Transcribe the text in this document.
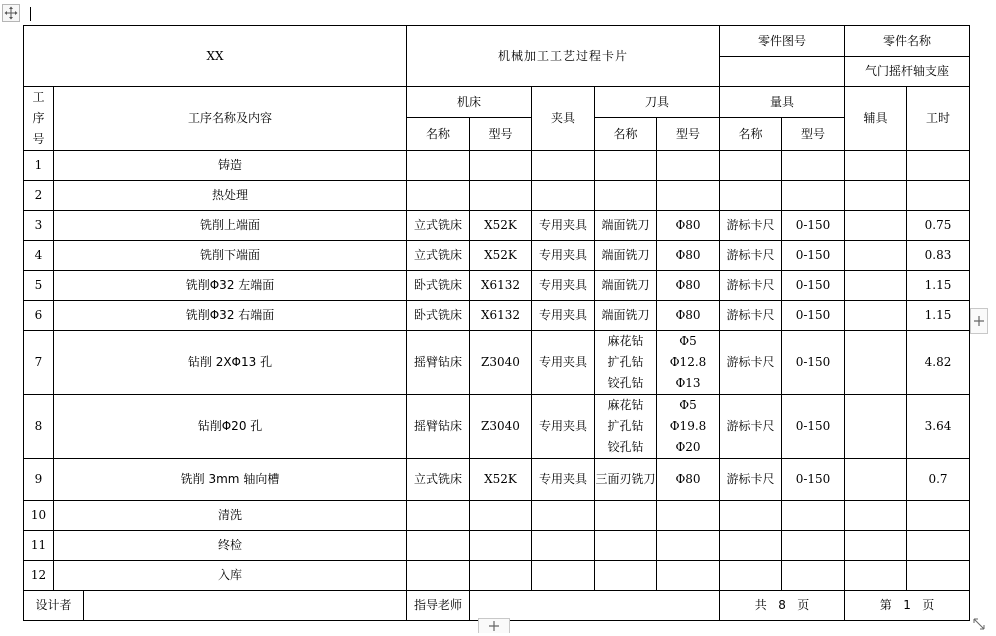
XX			机械加工工艺过程卡片					零件图号		零件名称	
										气门摇杆轴支座	

工
序
号	工序名称及内容		机床		夹具	刀具		量具		辅具	工时
			名称	型号		名称	型号	名称	型号		
1	铸造										
2	热处理										
3	铣削上端面		立式铣床	X52K	专用夹具	端面铣刀	Φ80	游标卡尺	0-150		0.75
4	铣削下端面		立式铣床	X52K	专用夹具	端面铣刀	Φ80	游标卡尺	0-150		0.83
5	铣削Φ32 左端面		卧式铣床	X6132	专用夹具	端面铣刀	Φ80	游标卡尺	0-150		1.15
6	铣削Φ32 右端面		卧式铣床	X6132	专用夹具	端面铣刀	Φ80	游标卡尺	0-150		1.15
7	钻削 2XΦ13 孔		摇臂钻床	Z3040	专用夹具	麻花钻
扩孔钻
铰孔钻	Φ5
Φ12.8
Φ13	游标卡尺	0-150		4.82
8	钻削Φ20 孔		摇臂钻床	Z3040	专用夹具	麻花钻
扩孔钻
铰孔钻	Φ5
Φ19.8
Φ20	游标卡尺	0-150		3.64
9	铣削 3mm 轴向槽		立式铣床	X52K	专用夹具	三面刃铣刀	Φ80	游标卡尺	0-150		0.7
10	清洗										
11	终检										
12	入库										
设计者			指导老师					共 8 页		第 1 页	
